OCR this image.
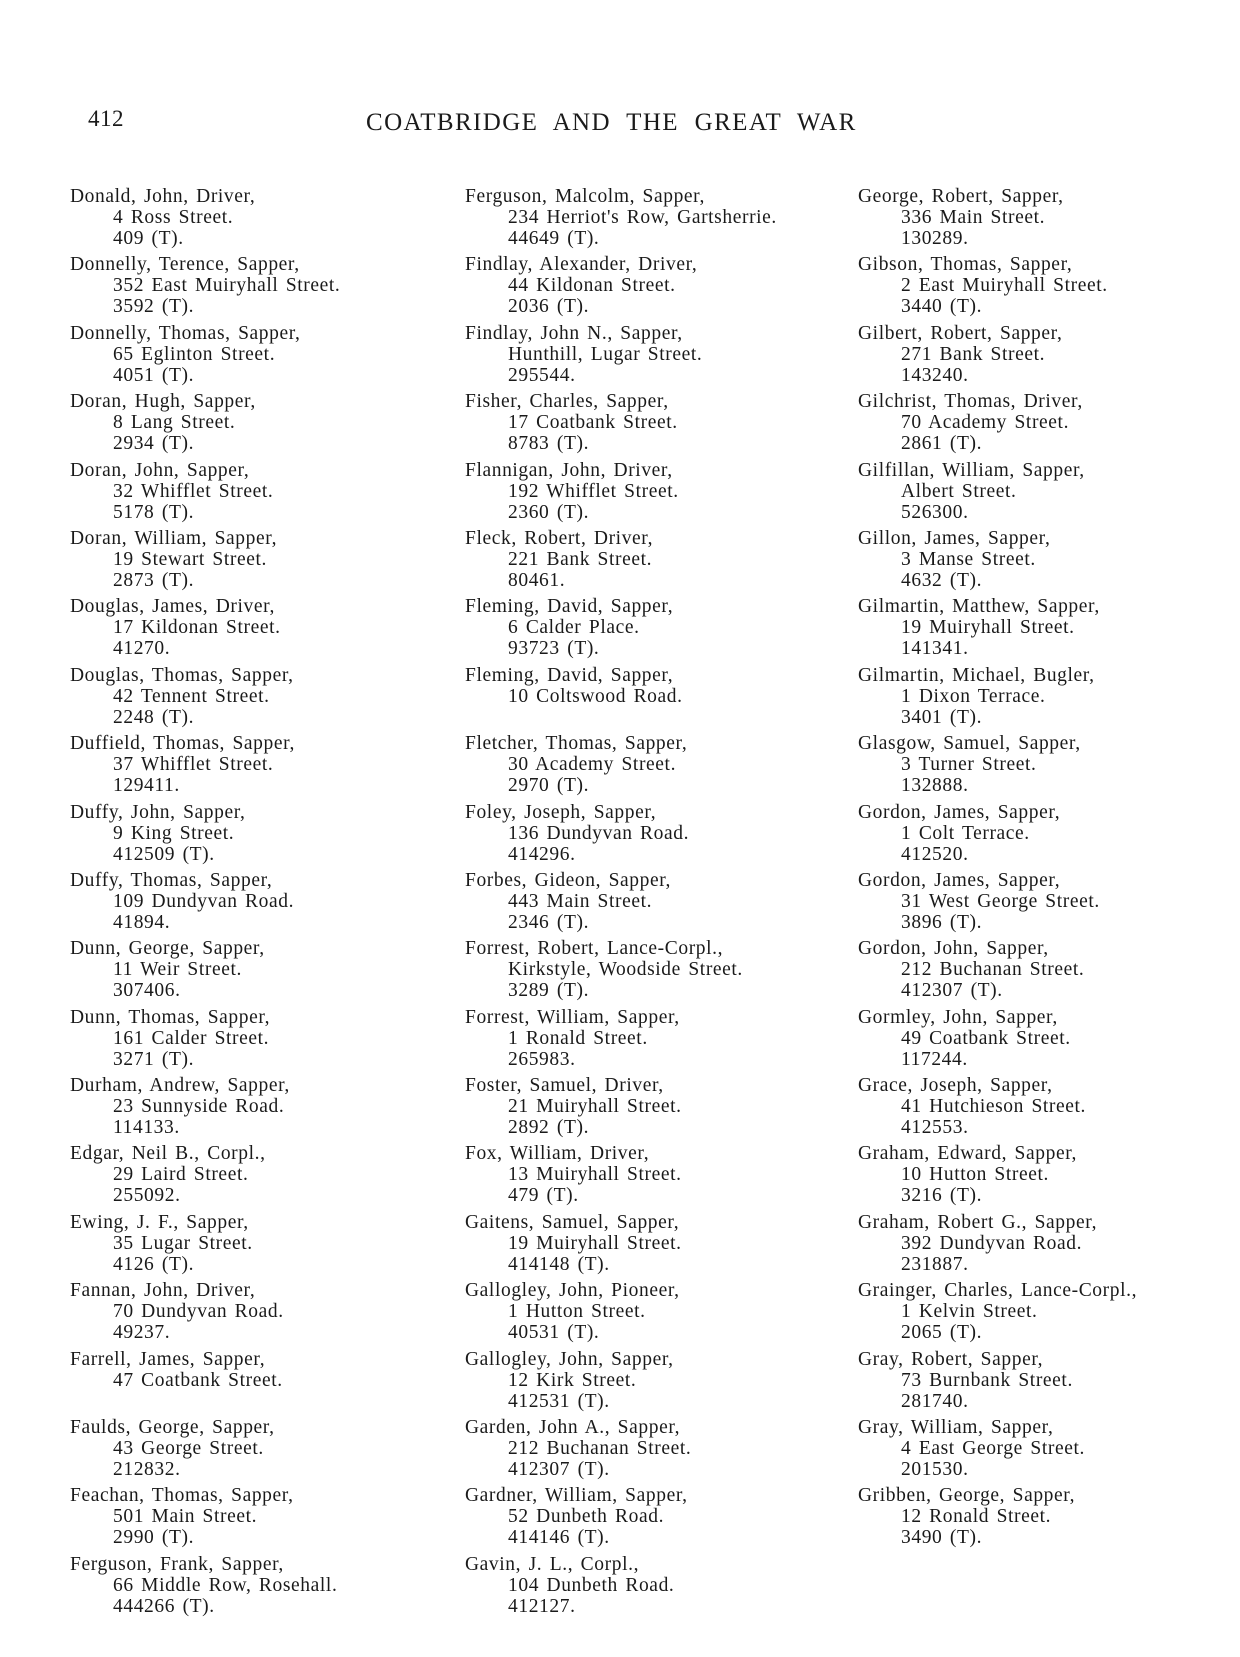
412	COATBRIDGE AND THE GREAT WAR
Donald, John, Driver,
4 Ross Street.
409 (T).
Donnelly, Terence, Sapper,
352 East Muiryhall Street.
3592 (T).
Donnelly, Thomas, Sapper,
65 Eglinton Street.
4051 (T).
Doran, Hugh, Sapper,
8 Lang Street.
2934 (T).
Doran, John, Sapper,
32 Whifflet Street.
5178 (T).
Doran, William, Sapper,
19 Stewart Street.
2873 (T).
Douglas, James, Driver,
17 Kildonan Street.
41270.
Douglas, Thomas, Sapper,
42 Tennent Street.
2248 (T).
Duffield, Thomas, Sapper,
37 Whifflet Street.
129411.
Duffy, John, Sapper,
9 King Street.
412509 (T).
Duffy, Thomas, Sapper,
109 Dundyvan Road.
41894.
Dunn, George, Sapper,
11 Weir Street.
307406.
Dunn, Thomas, Sapper,
161 Calder Street.
3271 (T).
Durham, Andrew, Sapper,
23 Sunnyside Road.
114133.
Edgar, Neil B., Corpl.,
29 Laird Street.
255092.
Ewing, J. F., Sapper,
35 Lugar Street.
4126 (T).
Fannan, John, Driver,
70 Dundyvan Road.
49237.
Farrell, James, Sapper,
47 Coatbank Street.
Faulds, George, Sapper,
43 George Street.
212832.
Feachan, Thomas, Sapper,
501 Main Street.
2990 (T).
Ferguson, Frank, Sapper,
66 Middle Row, Rosehall.
444266 (T).
Ferguson, Malcolm, Sapper,
234 Herriot's Row, Gartsherrie.
44649 (T).
Findlay, Alexander, Driver,
44 Kildonan Street.
2036 (T).
Findlay, John N., Sapper,
Hunthill, Lugar Street.
295544.
Fisher, Charles, Sapper,
17 Coatbank Street.
8783 (T).
Flannigan, John, Driver,
192 Whifflet Street.
2360 (T).
Fleck, Robert, Driver,
221 Bank Street.
80461.
Fleming, David, Sapper,
6 Calder Place.
93723 (T).
Fleming, David, Sapper,
10 Coltswood Road.
Fletcher, Thomas, Sapper,
30 Academy Street.
2970 (T).
Foley, Joseph, Sapper,
136 Dundyvan Road.
414296.
Forbes, Gideon, Sapper,
443 Main Street.
2346 (T).
Forrest, Robert, Lance-Corpl.,
Kirkstyle, Woodside Street.
3289 (T).
Forrest, William, Sapper,
1 Ronald Street.
265983.
Foster, Samuel, Driver,
21 Muiryhall Street.
2892 (T).
Fox, William, Driver,
13 Muiryhall Street.
479 (T).
Gaitens, Samuel, Sapper,
19 Muiryhall Street.
414148 (T).
Gallogley, John, Pioneer,
1 Hutton Street.
40531 (T).
Gallogley, John, Sapper,
12 Kirk Street.
412531 (T).
Garden, John A., Sapper,
212 Buchanan Street.
412307 (T).
Gardner, William, Sapper,
52 Dunbeth Road.
414146 (T).
Gavin, J. L., Corpl.,
104 Dunbeth Road.
412127.
George, Robert, Sapper,
336 Main Street.
130289.
Gibson, Thomas, Sapper,
2 East Muiryhall Street.
3440 (T).
Gilbert, Robert, Sapper,
271 Bank Street.
143240.
Gilchrist, Thomas, Driver,
70 Academy Street.
2861 (T).
Gilfillan, William, Sapper,
Albert Street.
526300.
Gillon, James, Sapper,
3 Manse Street.
4632 (T).
Gilmartin, Matthew, Sapper,
19 Muiryhall Street.
141341.
Gilmartin, Michael, Bugler,
1 Dixon Terrace.
3401 (T).
Glasgow, Samuel, Sapper,
3 Turner Street.
132888.
Gordon, James, Sapper,
1 Colt Terrace.
412520.
Gordon, James, Sapper,
31 West George Street.
3896 (T).
Gordon, John, Sapper,
212 Buchanan Street.
412307 (T).
Gormley, John, Sapper,
49 Coatbank Street.
117244.
Grace, Joseph, Sapper,
41 Hutchieson Street.
412553.
Graham, Edward, Sapper,
10 Hutton Street.
3216 (T).
Graham, Robert G., Sapper,
392 Dundyvan Road.
231887.
Grainger, Charles, Lance-Corpl.,
1 Kelvin Street.
2065 (T).
Gray, Robert, Sapper,
73 Burnbank Street.
281740.
Gray, William, Sapper,
4 East George Street.
201530.
Gribben, George, Sapper,
12 Ronald Street.
3490 (T).
